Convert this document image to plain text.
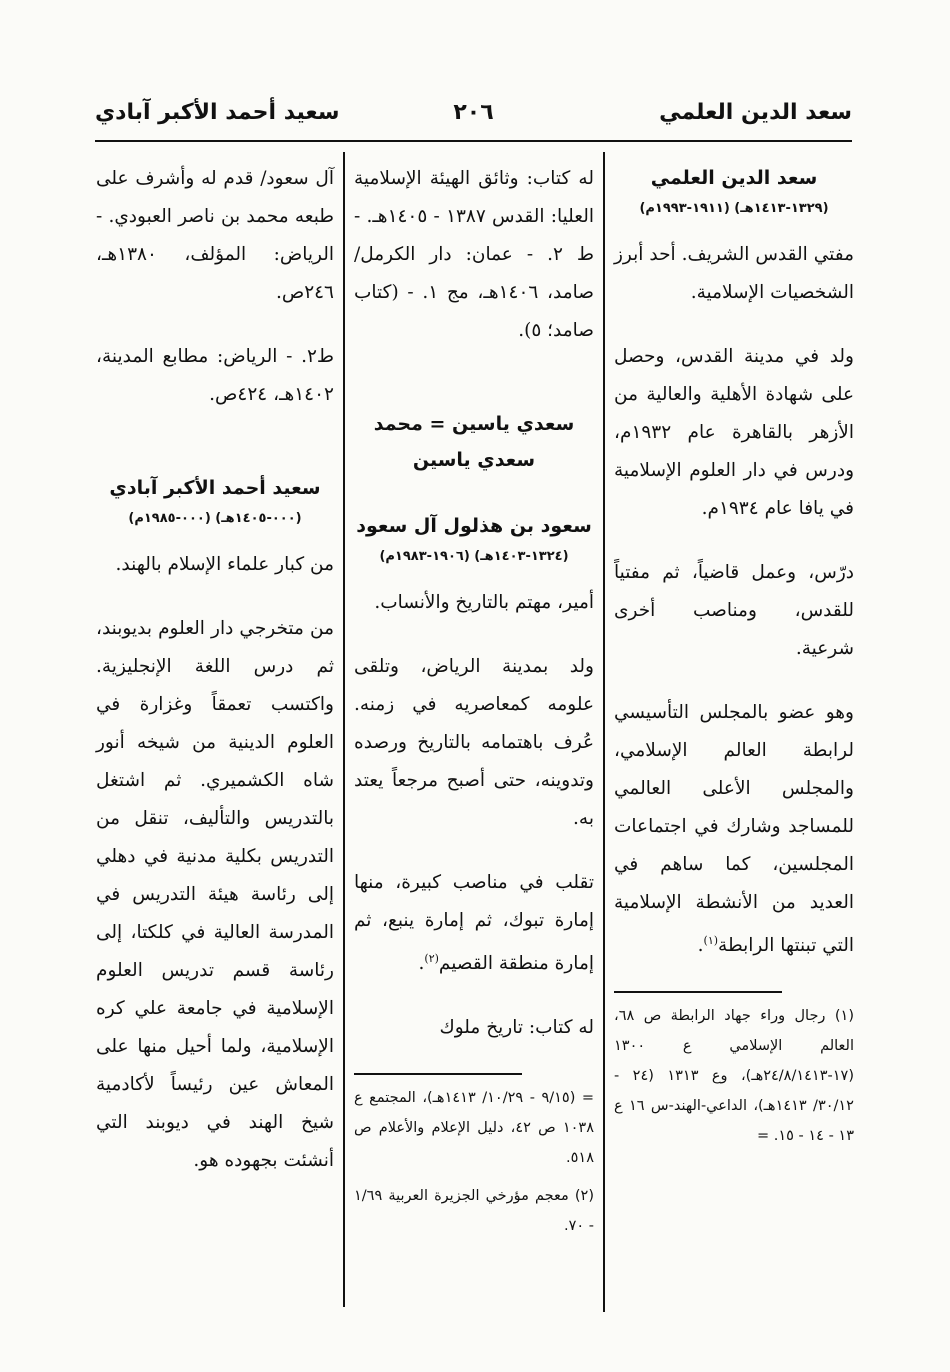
سعد الدين العلمي
٢٠٦
سعيد أحمد الأكبر آبادي
سعد الدين العلمي
(١٣٢٩-١٤١٣هـ) (١٩١١-١٩٩٣م)

مفتي القدس الشريف. أحد أبرز الشخصيات الإسلامية.

ولد في مدينة القدس، وحصل على شهادة الأهلية والعالية من الأزهر بالقاهرة عام ١٩٣٢م، ودرس في دار العلوم الإسلامية في يافا عام ١٩٣٤م.

درّس، وعمل قاضياً، ثم مفتياً للقدس، ومناصب أخرى شرعية.

وهو عضو بالمجلس التأسيسي لرابطة العالم الإسلامي، والمجلس الأعلى العالمي للمساجد وشارك في اجتماعات المجلسين، كما ساهم في العديد من الأنشطة الإسلامية التي تبنتها الرابطة$^{(١)}$.

(١) رجال وراء جهاد الرابطة ص ٦٨، العالم الإسلامي ع ١٣٠٠ (١٧-٢٤/٨/١٤١٣هـ)، وع ١٣١٣ (٢٤ - ٣٠/١٢/ ١٤١٣هـ)، الداعي-الهند-س ١٦ ع ١٣ - ١٤ - ١٥. =

له كتاب: وثائق الهيئة الإسلامية العليا: القدس ١٣٨٧ - ١٤٠٥هـ. - ط ٢. - عمان: دار الكرمل/ صامد، ١٤٠٦هـ، مج ١. - (كتاب صامد؛ ٥).

سعدي ياسين = محمد سعدي ياسين
سعود بن هذلول آل سعود
(١٣٢٤-١٤٠٣هـ) (١٩٠٦-١٩٨٣م)

أمير، مهتم بالتاريخ والأنساب.

ولد بمدينة الرياض، وتلقى علومه كمعاصريه في زمنه. عُرف باهتمامه بالتاريخ ورصده وتدوينه، حتى أصبح مرجعاً يعتد به.

تقلب في مناصب كبيرة، منها إمارة تبوك، ثم إمارة ينبع، ثم إمارة منطقة القصيم$^{(٢)}$.

له كتاب: تاريخ ملوك

= (٩/١٥ - ١٠/٢٩/ ١٤١٣هـ)، المجتمع ع ١٠٣٨ ص ٤٢، دليل الإعلام والأعلام ص ٥١٨.

(٢) معجم مؤرخي الجزيرة العربية ١/٦٩ - ٧٠.

آل سعود/ قدم له وأشرف على طبعه محمد بن ناصر العبودي. - الرياض: المؤلف، ١٣٨٠هـ، ٢٤٦ص.

ط٢. - الرياض: مطابع المدينة، ١٤٠٢هـ، ٤٢٤ص.

سعيد أحمد الأكبر آبادي
(٠٠٠-١٤٠٥هـ) (٠٠٠-١٩٨٥م)

من كبار علماء الإسلام بالهند.

من متخرجي دار العلوم بديوبند، ثم درس اللغة الإنجليزية. واكتسب تعمقاً وغزارة في العلوم الدينية من شيخه أنور شاه الكشميري. ثم اشتغل بالتدريس والتأليف، تنقل من التدريس بكلية مدنية في دهلي إلى رئاسة هيئة التدريس في المدرسة العالية في كلكتا، إلى رئاسة قسم تدريس العلوم الإسلامية في جامعة علي كره الإسلامية، ولما أحيل منها على المعاش عين رئيساً لأكادمية شيخ الهند في ديوبند التي أنشئت بجهوده هو.
